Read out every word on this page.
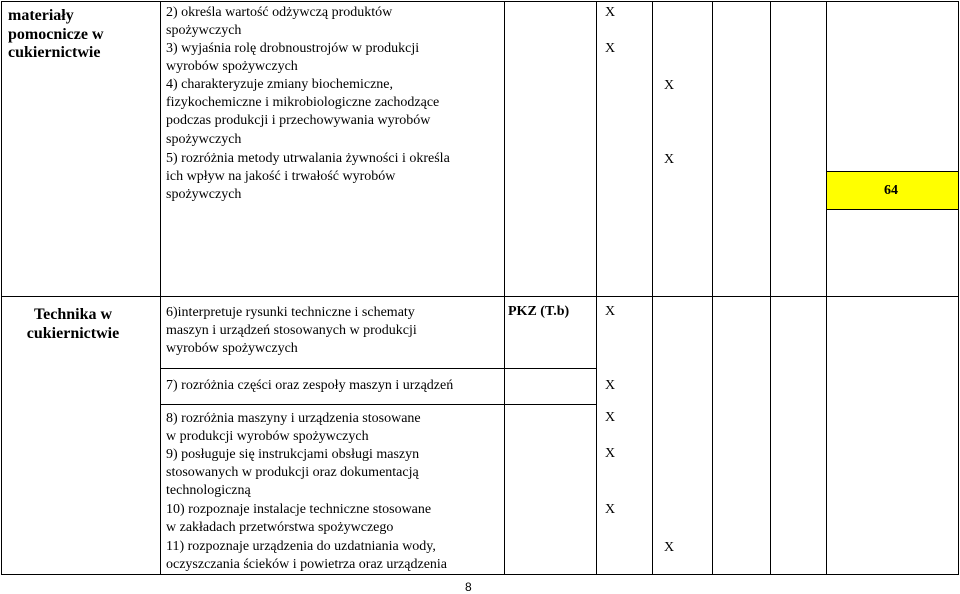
materiały
pomocnicze w
cukiernictwie
2) określa wartość odżywczą produktów
spożywczych
3) wyjaśnia rolę drobnoustrojów w produkcji
wyrobów spożywczych
4) charakteryzuje zmiany biochemiczne,
fizykochemiczne i mikrobiologiczne zachodzące
podczas produkcji i przechowywania wyrobów
spożywczych
5) rozróżnia metody utrwalania żywności i określa
ich wpływ na jakość i trwałość wyrobów
spożywczych
X
X
X
X
64
Technika w
cukiernictwie
6)interpretuje rysunki techniczne i schematy
maszyn i urządzeń stosowanych w produkcji
wyrobów spożywczych
PKZ (T.b)
7) rozróżnia części oraz zespoły maszyn i urządzeń
8) rozróżnia maszyny i urządzenia stosowane
w produkcji wyrobów spożywczych
9) posługuje się instrukcjami obsługi maszyn
stosowanych w produkcji oraz dokumentacją
technologiczną
10) rozpoznaje instalacje techniczne stosowane
w zakładach przetwórstwa spożywczego
11) rozpoznaje urządzenia do uzdatniania wody,
oczyszczania ścieków i powietrza oraz urządzenia
X
X
X
X
X
X
8
